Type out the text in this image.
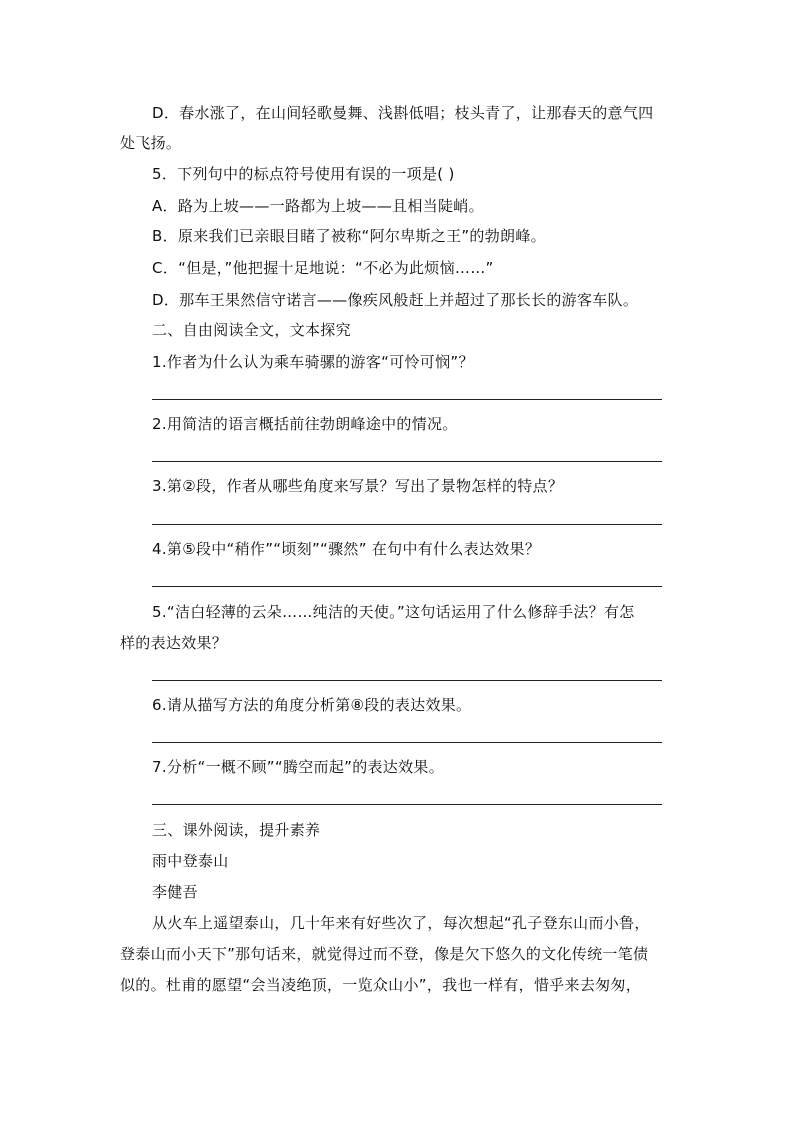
D．春水涨了，在山间轻歌曼舞、浅斟低唱；枝头青了，让那春天的意气四
处飞扬。
5．下列句中的标点符号使用有误的一项是( )
A．路为上坡——一路都为上坡——且相当陡峭。
B．原来我们已亲眼目睹了被称“阿尔卑斯之王”的勃朗峰。
C．“但是，”他把握十足地说：“不必为此烦恼……”
D．那车王果然信守诺言——像疾风般赶上并超过了那长长的游客车队。
二、自由阅读全文，文本探究
1.作者为什么认为乘车骑骡的游客“可怜可悯”？
2.用简洁的语言概括前往勃朗峰途中的情况。
3.第②段，作者从哪些角度来写景？写出了景物怎样的特点？
4.第⑤段中“稍作”“顷刻”“骤然” 在句中有什么表达效果？
5.“洁白轻薄的云朵……纯洁的天使。”这句话运用了什么修辞手法？有怎
样的表达效果？
6.请从描写方法的角度分析第⑧段的表达效果。
7.分析“一概不顾”“腾空而起”的表达效果。
三、课外阅读，提升素养
雨中登泰山
李健吾
从火车上遥望泰山，几十年来有好些次了，每次想起“孔子登东山而小鲁，
登泰山而小天下”那句话来，就觉得过而不登，像是欠下悠久的文化传统一笔债
似的。杜甫的愿望“会当凌绝顶，一览众山小”，我也一样有，惜乎来去匆匆，
